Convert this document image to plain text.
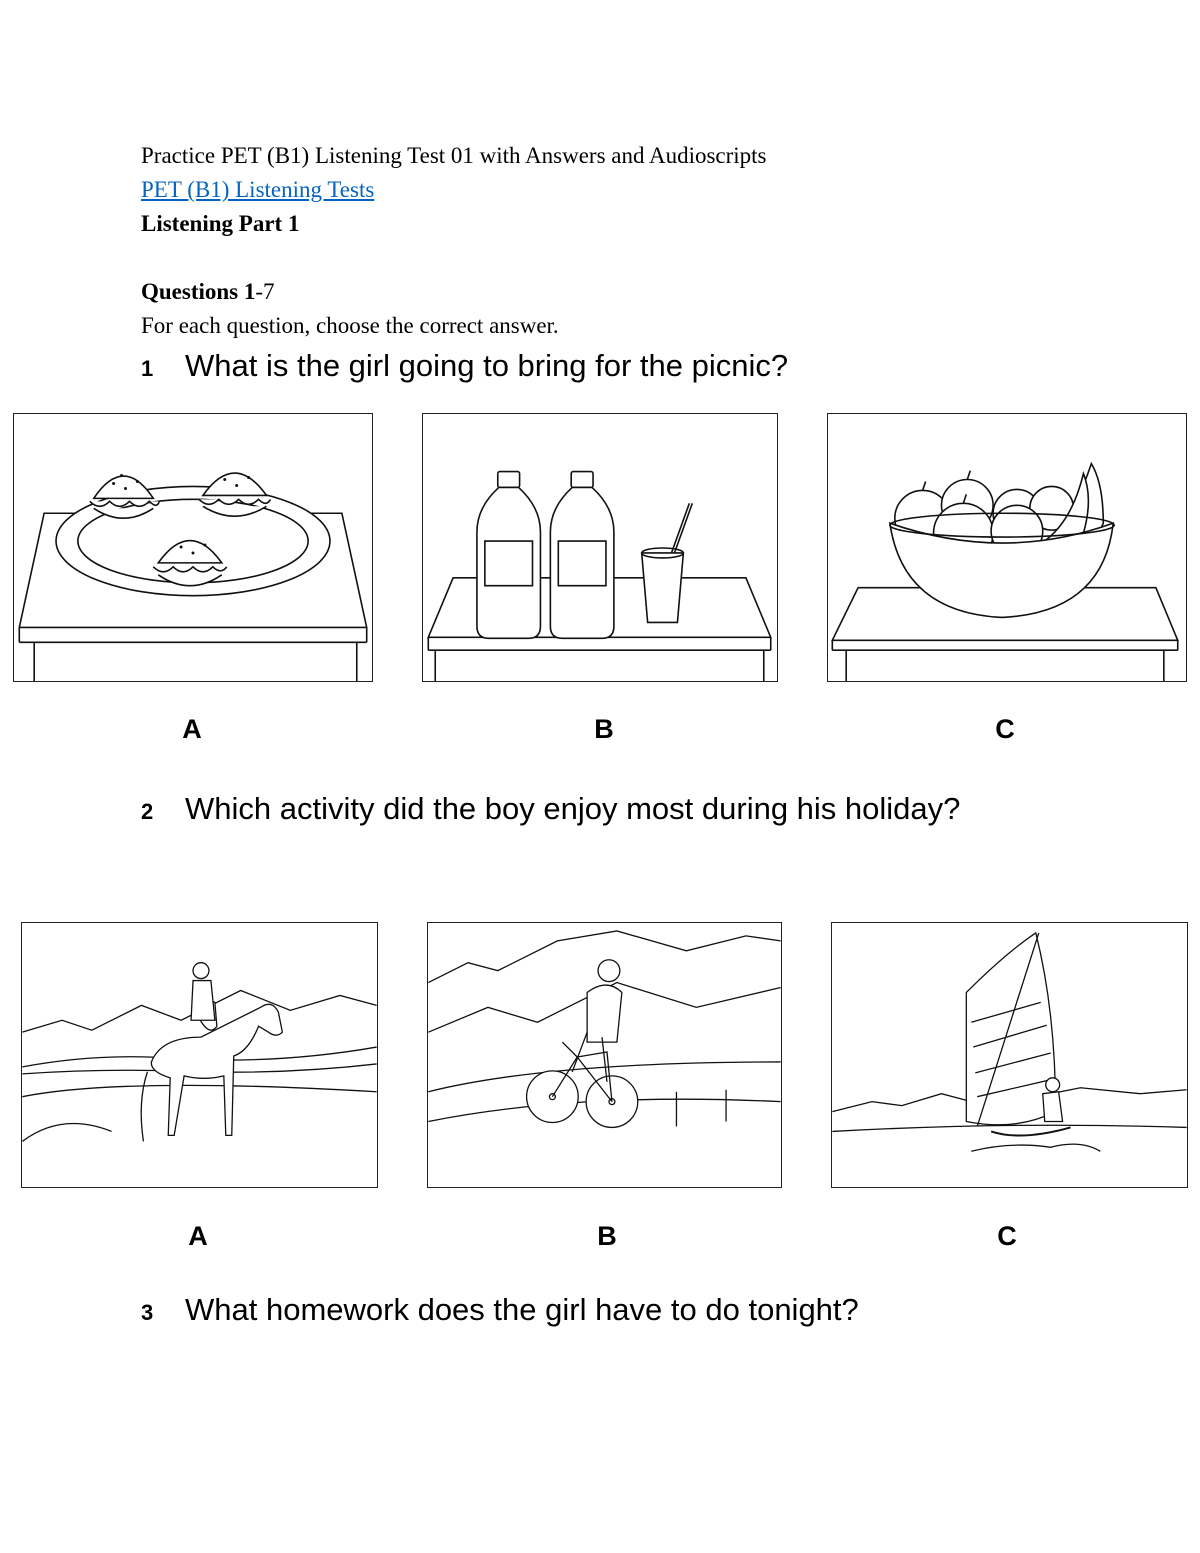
Practice PET (B1) Listening Test 01 with Answers and Audioscripts
PET (B1) Listening Tests
Listening Part 1
Questions 1-7
For each question, choose the correct answer.
1 What is the girl going to bring for the picnic?
A	B	C
2 Which activity did the boy enjoy most during his holiday?
A	B	C
3 What homework does the girl have to do tonight?
